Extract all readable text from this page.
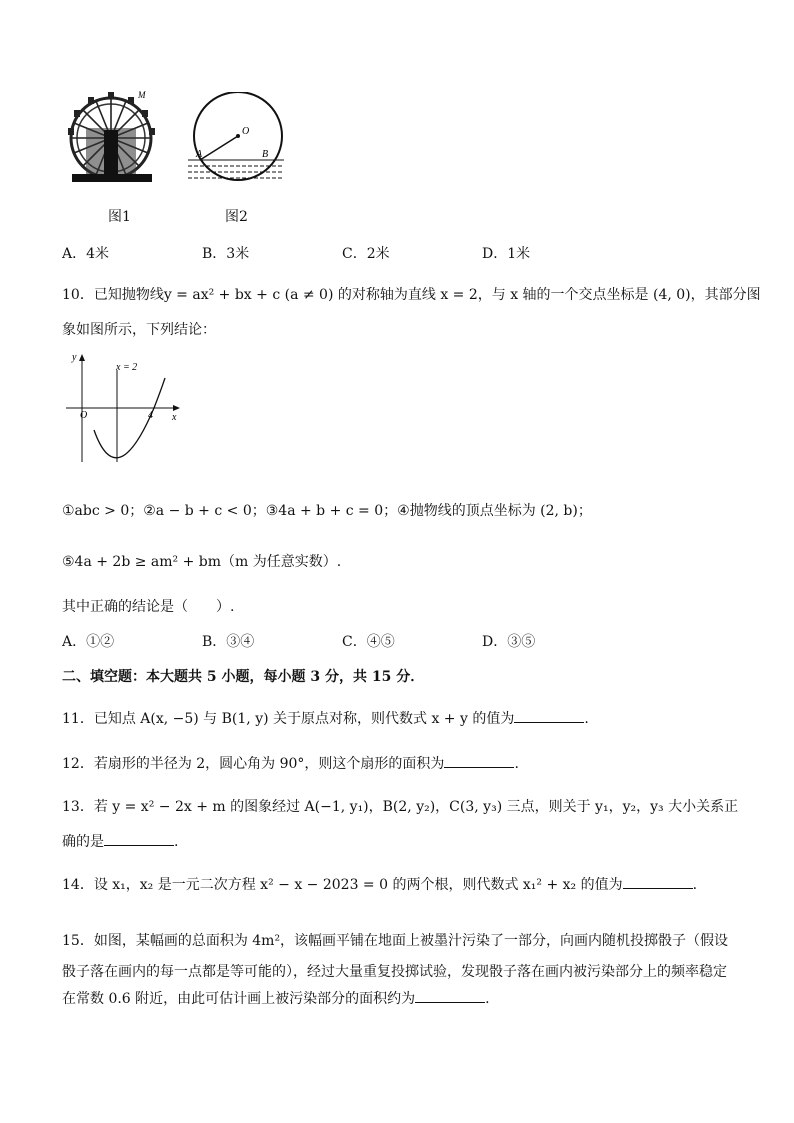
M
图1
O
A	B
图2
A．4米	B．3米	C．2米	D．1米
10．已知抛物线y = ax² + bx + c (a ≠ 0) 的对称轴为直线 x = 2，与 x 轴的一个交点坐标是 (4, 0)，其部分图
象如图所示，下列结论：
y
x
x = 2
O	4
①abc > 0；②a − b + c < 0；③4a + b + c = 0；④抛物线的顶点坐标为 (2, b)；
⑤4a + 2b ≥ am² + bm（m 为任意实数）.
其中正确的结论是（　　）.
A．①②	B．③④	C．④⑤	D．③⑤
二、填空题：本大题共 5 小题，每小题 3 分，共 15 分．
11．已知点 A(x, −5) 与 B(1, y) 关于原点对称，则代数式 x + y 的值为	.
12．若扇形的半径为 2，圆心角为 90°，则这个扇形的面积为	.
13．若 y = x² − 2x + m 的图象经过 A(−1, y₁)，B(2, y₂)，C(3, y₃) 三点，则关于 y₁，y₂，y₃ 大小关系正
确的是	.
14．设 x₁，x₂ 是一元二次方程 x² − x − 2023 = 0 的两个根，则代数式 x₁² + x₂ 的值为	.
15．如图，某幅画的总面积为 4m²，该幅画平铺在地面上被墨汁污染了一部分，向画内随机投掷骰子（假设
骰子落在画内的每一点都是等可能的），经过大量重复投掷试验，发现骰子落在画内被污染部分上的频率稳定
在常数 0.6 附近，由此可估计画上被污染部分的面积约为	.
